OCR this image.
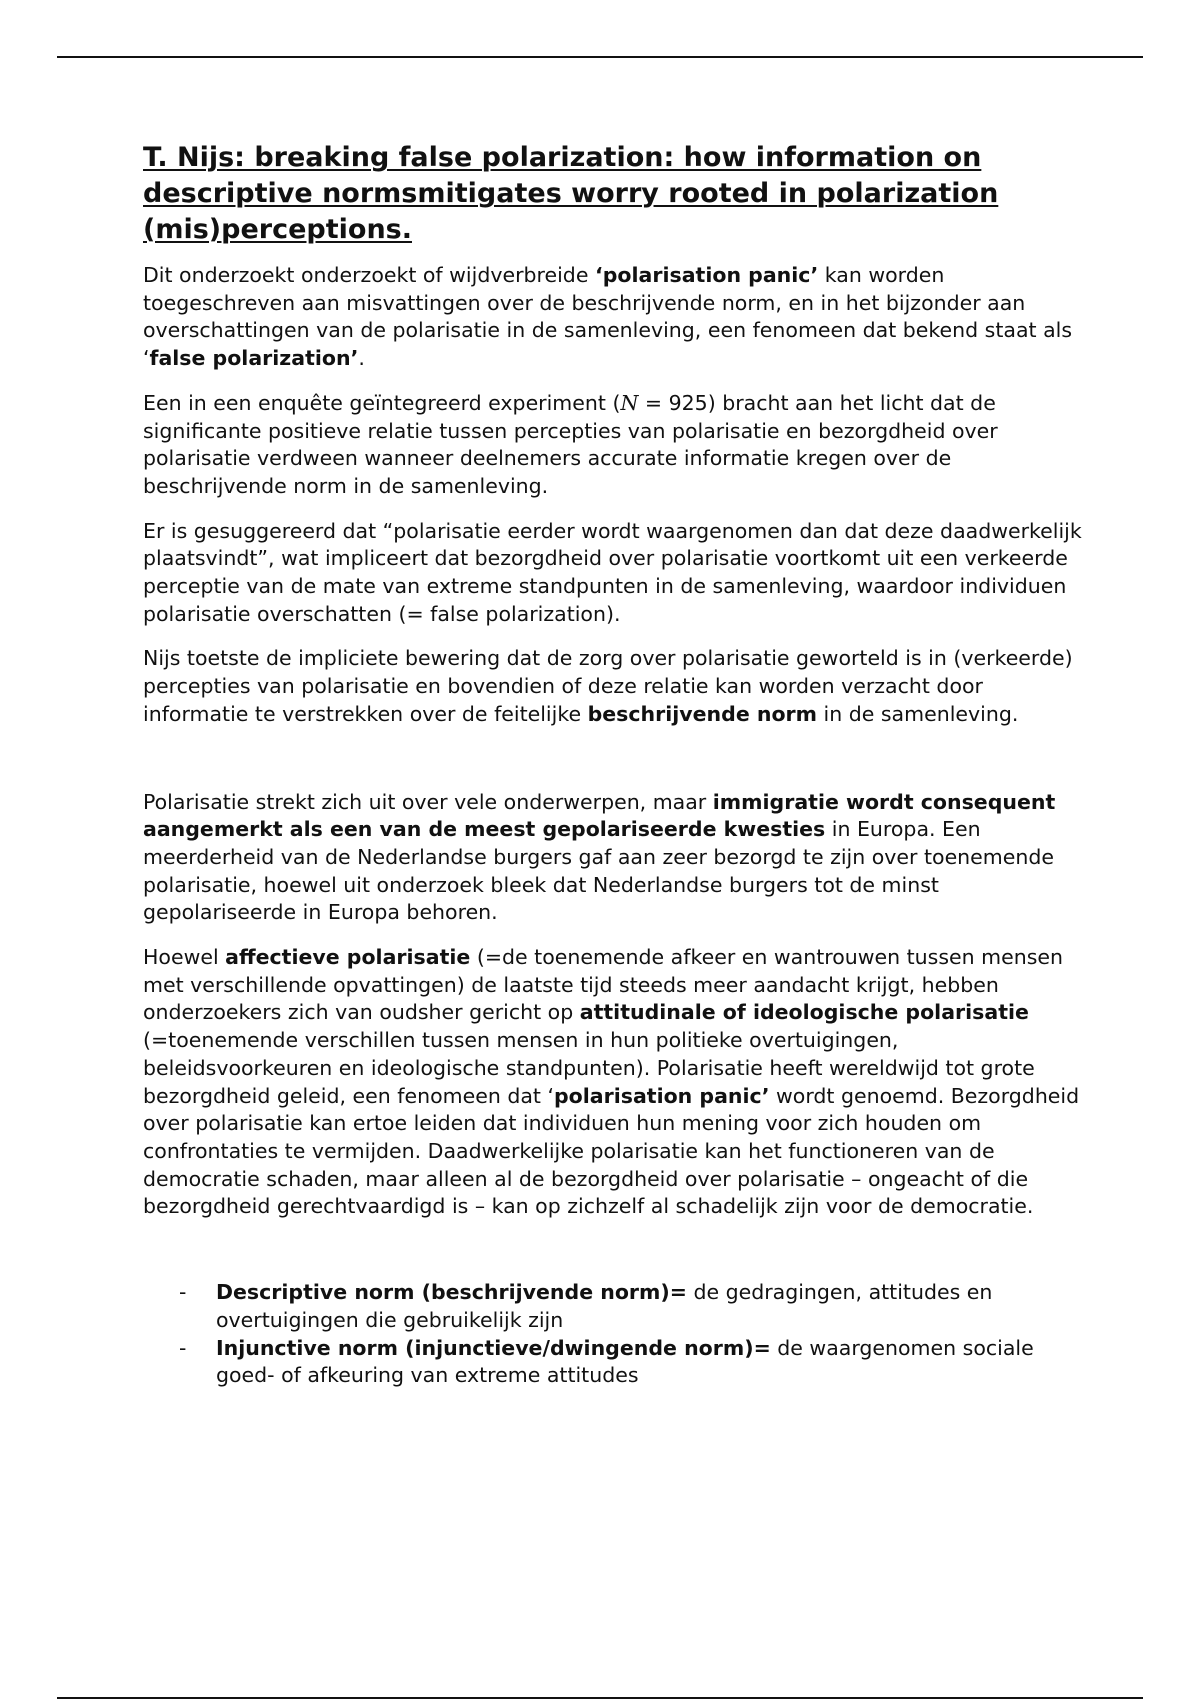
T. Nijs: breaking false polarization: how information on descriptive normsmitigates worry rooted in polarization (mis)perceptions.

Dit onderzoekt onderzoekt of wijdverbreide ‘polarisation panic’ kan worden toegeschreven aan misvattingen over de beschrijvende norm, en in het bijzonder aan overschattingen van de polarisatie in de samenleving, een fenomeen dat bekend staat als ‘false polarization’.

Een in een enquête geïntegreerd experiment (N = 925) bracht aan het licht dat de significante positieve relatie tussen percepties van polarisatie en bezorgdheid over polarisatie verdween wanneer deelnemers accurate informatie kregen over de beschrijvende norm in de samenleving.

Er is gesuggereerd dat “polarisatie eerder wordt waargenomen dan dat deze daadwerkelijk plaatsvindt”, wat impliceert dat bezorgdheid over polarisatie voortkomt uit een verkeerde perceptie van de mate van extreme standpunten in de samenleving, waardoor individuen polarisatie overschatten (= false polarization).

Nijs toetste de impliciete bewering dat de zorg over polarisatie geworteld is in (verkeerde) percepties van polarisatie en bovendien of deze relatie kan worden verzacht door informatie te verstrekken over de feitelijke beschrijvende norm in de samenleving.

Polarisatie strekt zich uit over vele onderwerpen, maar immigratie wordt consequent aangemerkt als een van de meest gepolariseerde kwesties in Europa. Een meerderheid van de Nederlandse burgers gaf aan zeer bezorgd te zijn over toenemende polarisatie, hoewel uit onderzoek bleek dat Nederlandse burgers tot de minst gepolariseerde in Europa behoren.

Hoewel affectieve polarisatie (=de toenemende afkeer en wantrouwen tussen mensen met verschillende opvattingen) de laatste tijd steeds meer aandacht krijgt, hebben onderzoekers zich van oudsher gericht op attitudinale of ideologische polarisatie (=toenemende verschillen tussen mensen in hun politieke overtuigingen, beleidsvoorkeuren en ideologische standpunten). Polarisatie heeft wereldwijd tot grote bezorgdheid geleid, een fenomeen dat ‘polarisation panic’ wordt genoemd. Bezorgdheid over polarisatie kan ertoe leiden dat individuen hun mening voor zich houden om confrontaties te vermijden. Daadwerkelijke polarisatie kan het functioneren van de democratie schaden, maar alleen al de bezorgdheid over polarisatie – ongeacht of die bezorgdheid gerechtvaardigd is – kan op zichzelf al schadelijk zijn voor de democratie.

- Descriptive norm (beschrijvende norm)= de gedragingen, attitudes en overtuigingen die gebruikelijk zijn
- Injunctive norm (injunctieve/dwingende norm)= de waargenomen sociale goed- of afkeuring van extreme attitudes
